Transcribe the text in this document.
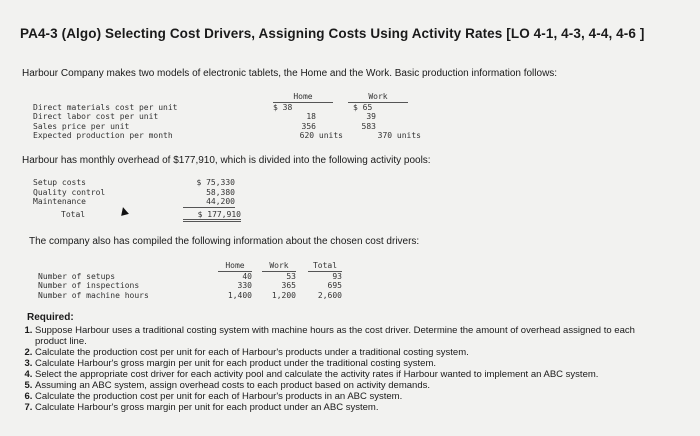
PA4-3 (Algo) Selecting Cost Drivers, Assigning Costs Using Activity Rates [LO 4-1, 4-3, 4-4, 4-6 ]
Harbour Company makes two models of electronic tablets, the Home and the Work. Basic production information follows:
Home	Work
Direct materials cost per unit	$ 38	$ 65
Direct labor cost per unit	18	39
Sales price per unit	356	583
Expected production per month	620 units	370 units
Harbour has monthly overhead of $177,910, which is divided into the following activity pools:
Setup costs	$ 75,330
Quality control	58,380
Maintenance	44,200
Total	$ 177,910
The company also has compiled the following information about the chosen cost drivers:
Home	Work	Total
Number of setups	40	53	93
Number of inspections	330	365	695
Number of machine hours	1,400	1,200	2,600
Required:
1. Suppose Harbour uses a traditional costing system with machine hours as the cost driver. Determine the amount of overhead assigned to each product line.
2. Calculate the production cost per unit for each of Harbour's products under a traditional costing system.
3. Calculate Harbour's gross margin per unit for each product under the traditional costing system.
4. Select the appropriate cost driver for each activity pool and calculate the activity rates if Harbour wanted to implement an ABC system.
5. Assuming an ABC system, assign overhead costs to each product based on activity demands.
6. Calculate the production cost per unit for each of Harbour's products in an ABC system.
7. Calculate Harbour's gross margin per unit for each product under an ABC system.
